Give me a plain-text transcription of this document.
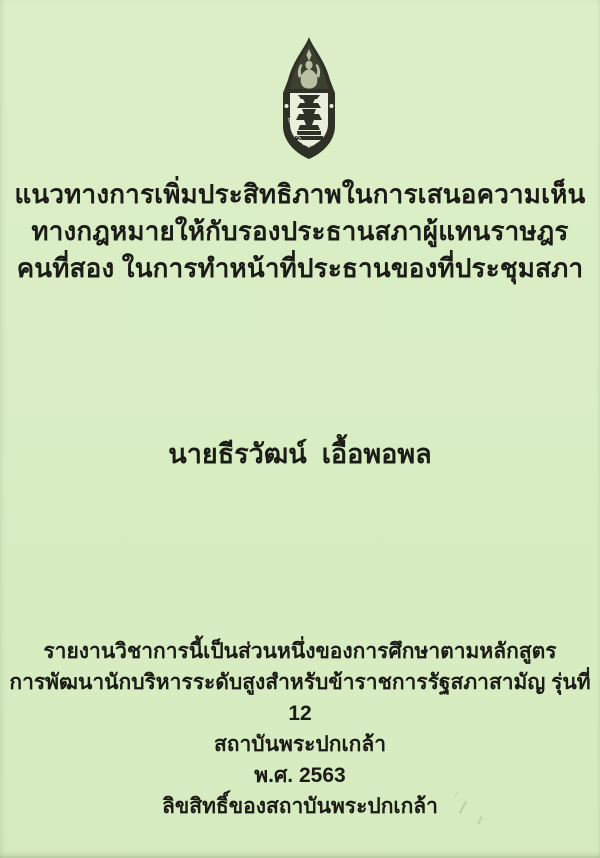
สถาบันพระปกเกล้า
แนวทางการเพิ่มประสิทธิภาพในการเสนอความเห็น
ทางกฎหมายให้กับรองประธานสภาผู้แทนราษฎร
คนที่สอง ในการทำหน้าที่ประธานของที่ประชุมสภา
นายธีรวัฒน์  เอื้อพอพล
รายงานวิชาการนี้เป็นส่วนหนึ่งของการศึกษาตามหลักสูตร
การพัฒนานักบริหารระดับสูงสำหรับข้าราชการรัฐสภาสามัญ รุ่นที่ 12
สถาบันพระปกเกล้า
พ.ศ. 2563
ลิขสิทธิ์ของสถาบันพระปกเกล้า
